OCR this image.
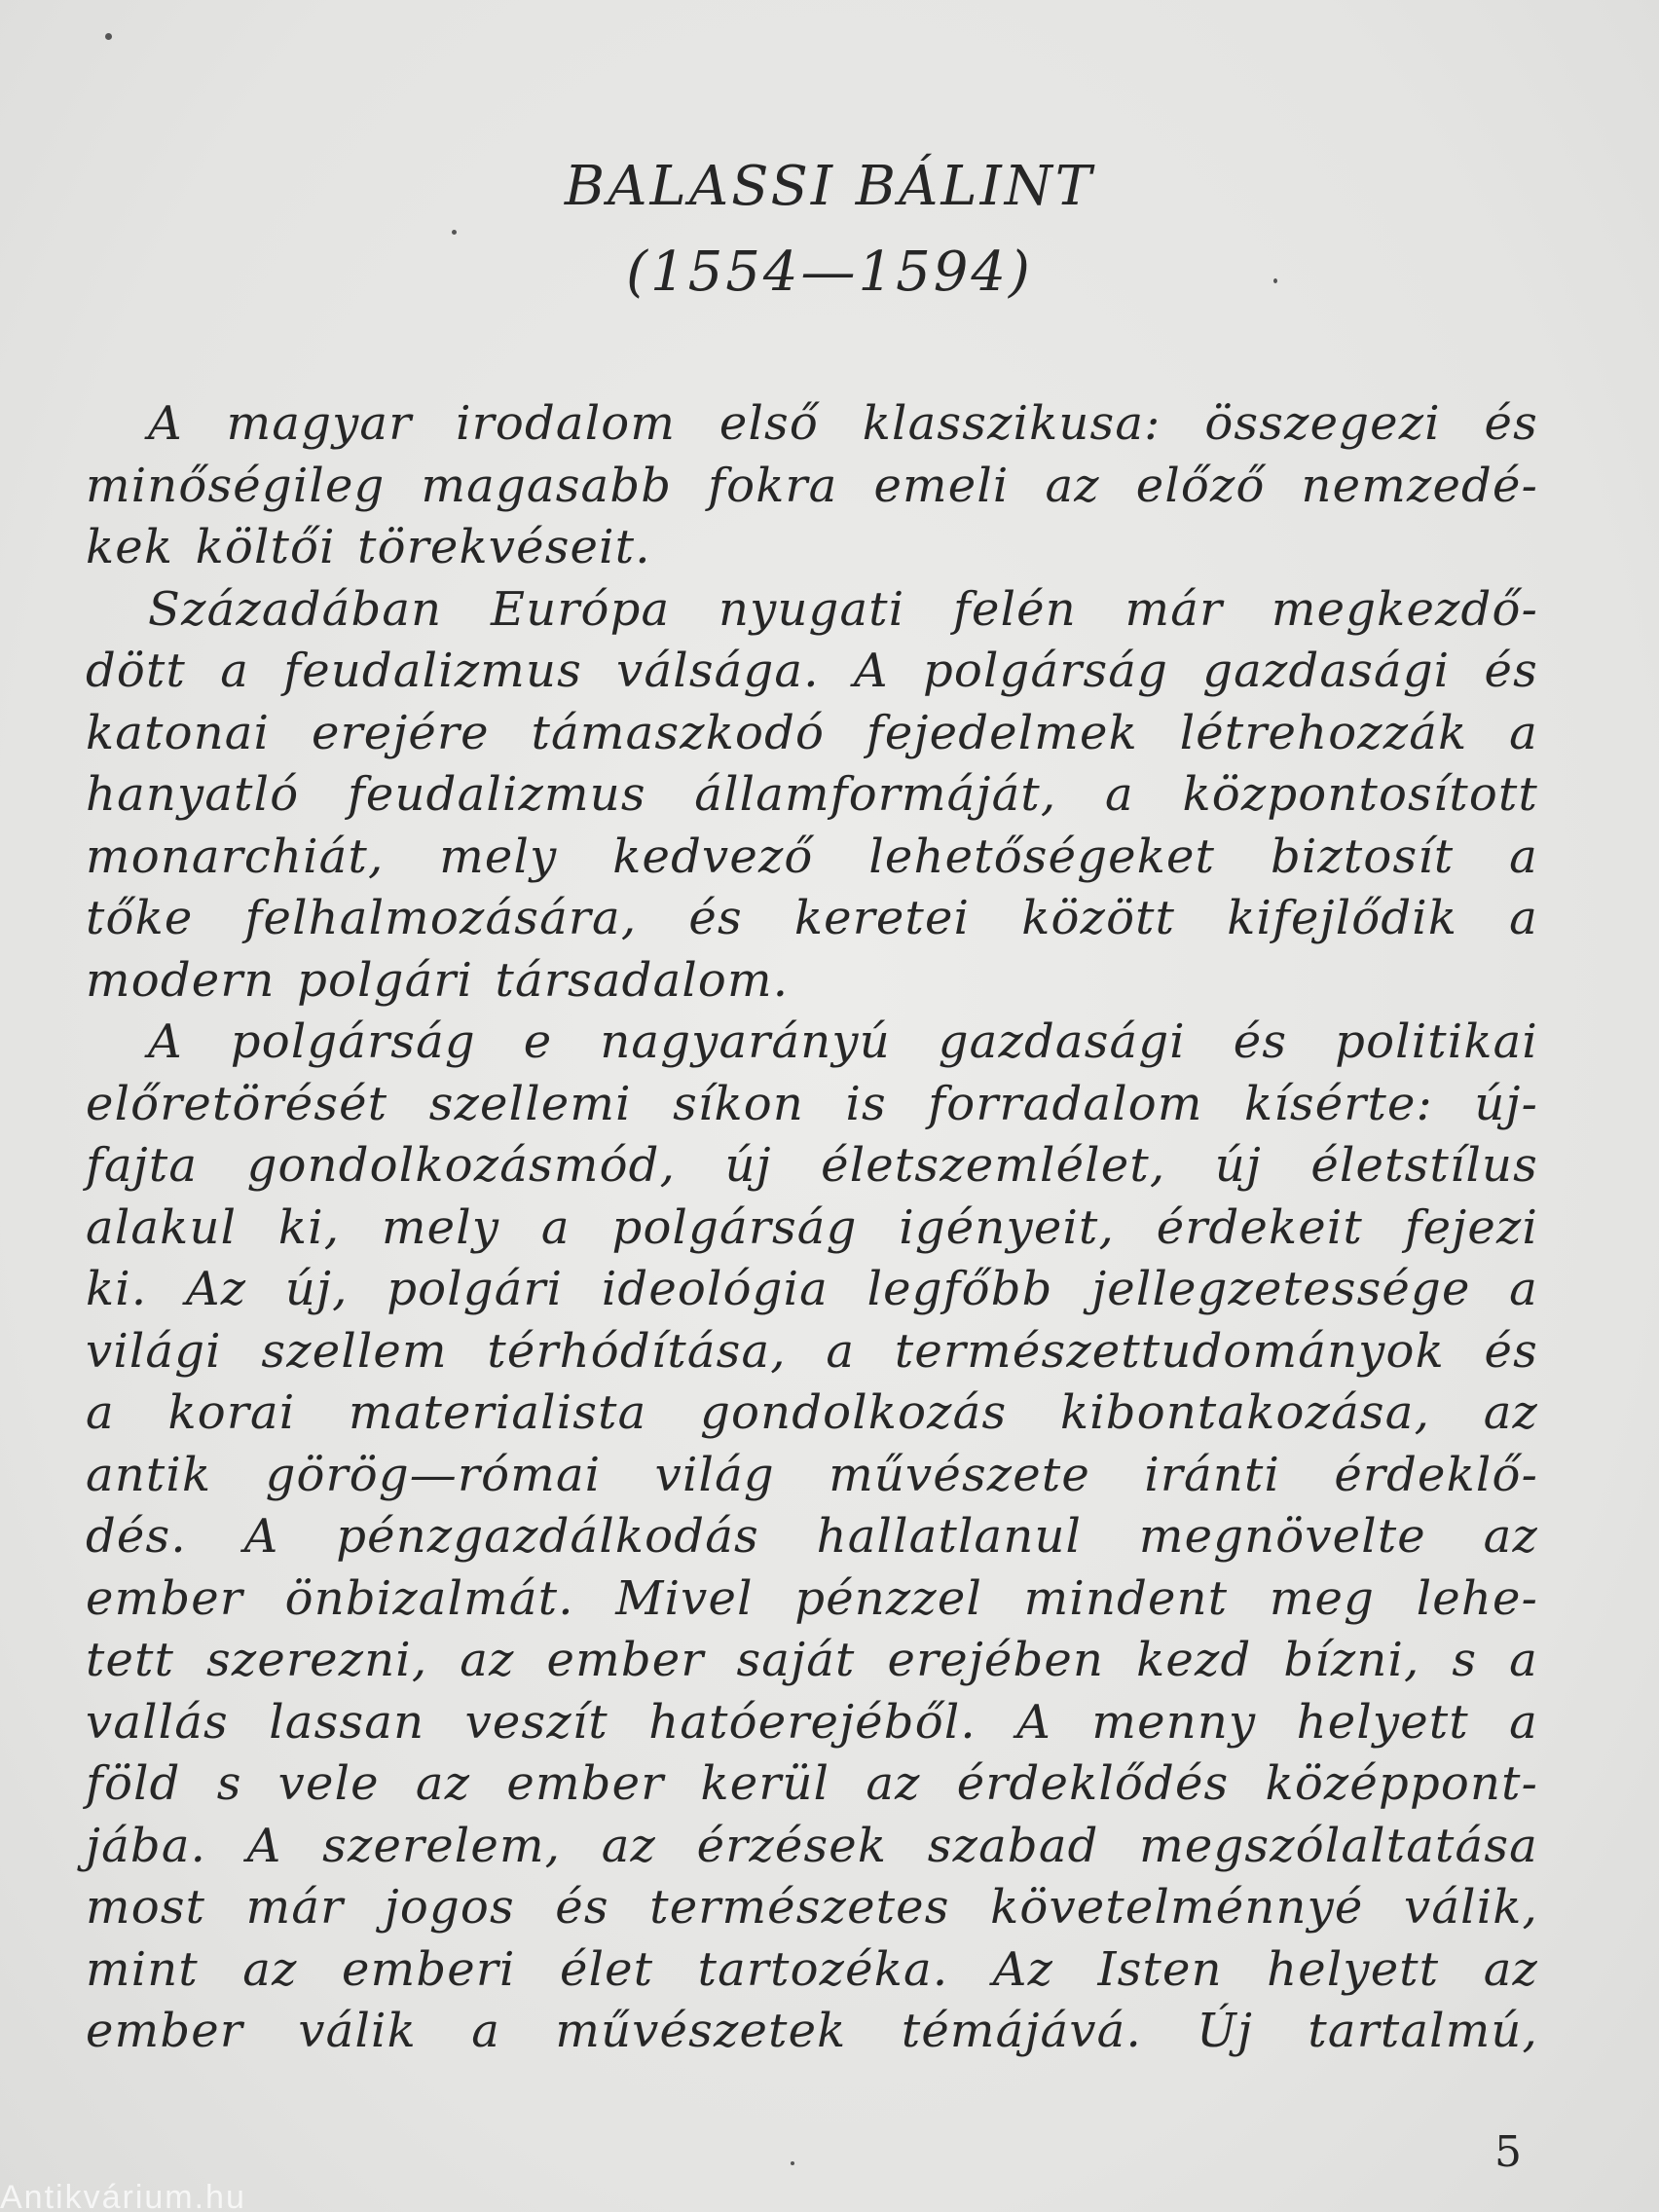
BALASSI BÁLINT
(1554—1594)
A magyar irodalom első klasszikusa: összegezi és
minőségileg magasabb fokra emeli az előző nemzedé-
kek költői törekvéseit.
Századában Európa nyugati felén már megkezdő-
dött a feudalizmus válsága. A polgárság gazdasági és
katonai erejére támaszkodó fejedelmek létrehozzák a
hanyatló feudalizmus államformáját, a központosított
monarchiát, mely kedvező lehetőségeket biztosít a
tőke felhalmozására, és keretei között kifejlődik a
modern polgári társadalom.
A polgárság e nagyarányú gazdasági és politikai
előretörését szellemi síkon is forradalom kísérte: új-
fajta gondolkozásmód, új életszemlélet, új életstílus
alakul ki, mely a polgárság igényeit, érdekeit fejezi
ki. Az új, polgári ideológia legfőbb jellegzetessége a
világi szellem térhódítása, a természettudományok és
a korai materialista gondolkozás kibontakozása, az
antik görög—római világ művészete iránti érdeklő-
dés. A pénzgazdálkodás hallatlanul megnövelte az
ember önbizalmát. Mivel pénzzel mindent meg lehe-
tett szerezni, az ember saját erejében kezd bízni, s a
vallás lassan veszít hatóerejéből. A menny helyett a
föld s vele az ember kerül az érdeklődés középpont-
jába. A szerelem, az érzések szabad megszólaltatása
most már jogos és természetes követelménnyé válik,
mint az emberi élet tartozéka. Az Isten helyett az
ember válik a művészetek témájává. Új tartalmú,
5
Antikvárium.hu
